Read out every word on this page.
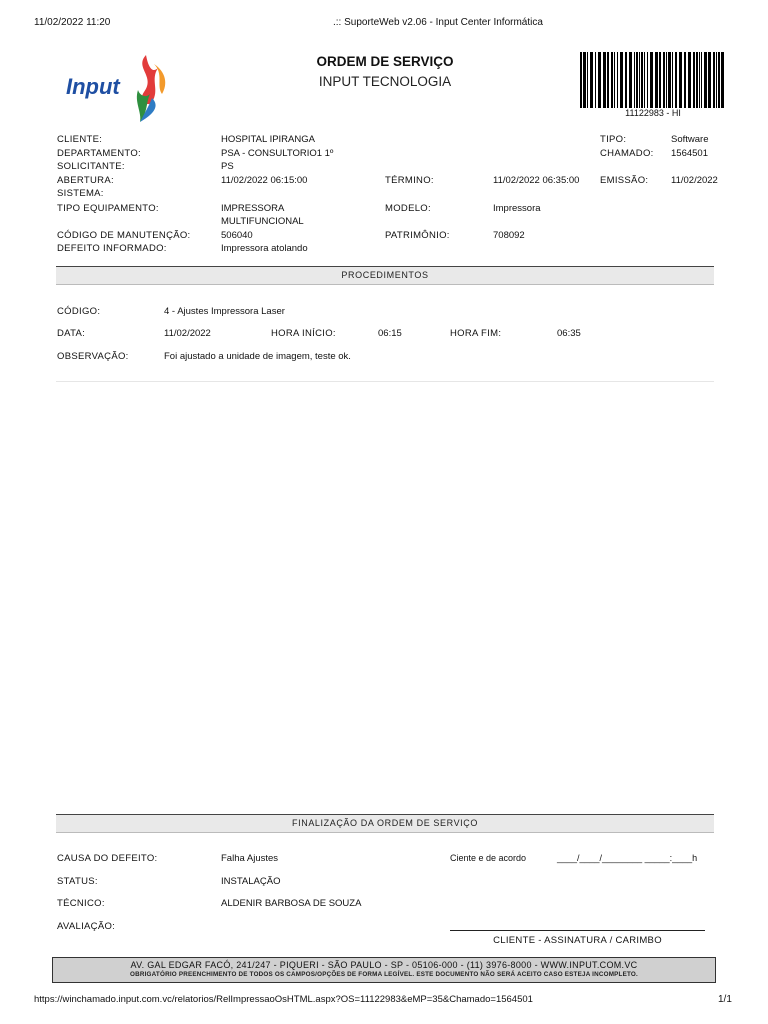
11/02/2022 11:20	.:: SuporteWeb v2.06 - Input Center Informática
Input
ORDEM DE SERVIÇO
INPUT TECNOLOGIA
11122983 - HI
CLIENTE:	HOSPITAL IPIRANGA	TIPO:	Software
DEPARTAMENTO:	PSA - CONSULTORIO1 1º	CHAMADO: 1564501
SOLICITANTE:	PS
ABERTURA:	11/02/2022 06:15:00	TÉRMINO:	11/02/2022 06:35:00 EMISSÃO: 11/02/2022
SISTEMA:
TIPO EQUIPAMENTO:	IMPRESSORA
MULTIFUNCIONAL
MODELO:	Impressora
CÓDIGO DE MANUTENÇÃO:	506040	PATRIMÔNIO:	708092
DEFEITO INFORMADO:	Impressora atolando
PROCEDIMENTOS
CÓDIGO:	4 - Ajustes Impressora Laser
DATA:	11/02/2022	HORA INÍCIO:	06:15	HORA FIM:	06:35
OBSERVAÇÃO:	Foi ajustado a unidade de imagem, teste ok.
FINALIZAÇÃO DA ORDEM DE SERVIÇO
CAUSA DO DEFEITO:	Falha Ajustes	Ciente e de acordo	____/____/________ _____:____h
STATUS:	INSTALAÇÃO
TÉCNICO:	ALDENIR BARBOSA DE SOUZA
AVALIAÇÃO:
CLIENTE - ASSINATURA / CARIMBO
AV. GAL EDGAR FACÓ, 241/247 - PIQUERI - SÃO PAULO - SP - 05106-000 - (11) 3976-8000 - WWW.INPUT.COM.VC
OBRIGATÓRIO PREENCHIMENTO DE TODOS OS CAMPOS/OPÇÕES DE FORMA LEGÍVEL. ESTE DOCUMENTO NÃO SERÁ ACEITO CASO ESTEJA INCOMPLETO.
https://winchamado.input.com.vc/relatorios/RelImpressaoOsHTML.aspx?OS=11122983&eMP=35&Chamado=1564501	1/1
